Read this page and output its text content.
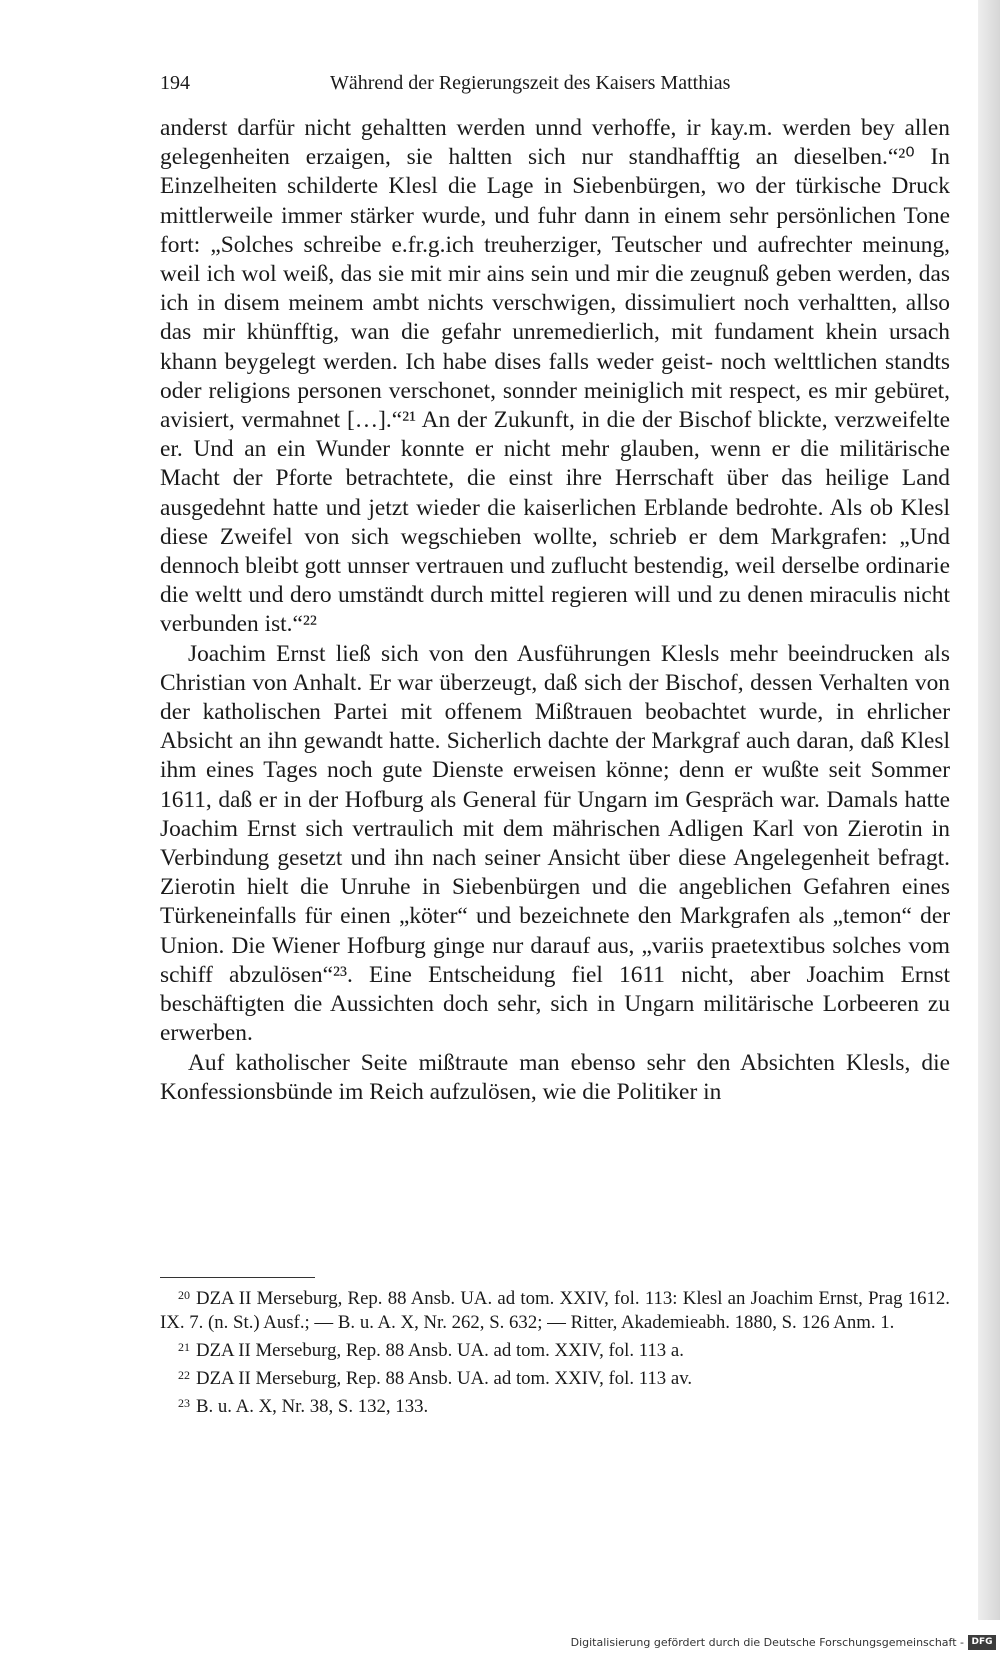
194	Während der Regierungszeit des Kaisers Matthias

anderst darfür nicht gehaltten werden unnd verhoffe, ir kay.m. werden bey allen gelegenheiten erzaigen, sie haltten sich nur standhafftig an dieselben.“²⁰ In Einzelheiten schilderte Klesl die Lage in Siebenbürgen, wo der türkische Druck mittlerweile immer stärker wurde, und fuhr dann in einem sehr persönlichen Tone fort: „Solches schreibe e.fr.g.ich treuherziger, Teutscher und aufrechter meinung, weil ich wol weiß, das sie mit mir ains sein und mir die zeugnuß geben werden, das ich in disem meinem ambt nichts verschwigen, dissimuliert noch verhaltten, allso das mir khünfftig, wan die gefahr unremedierlich, mit fundament khein ursach khann beygelegt werden. Ich habe dises falls weder geist- noch welttlichen standts oder religions personen verschonet, sonnder meiniglich mit respect, es mir gebüret, avisiert, vermahnet […].“²¹ An der Zukunft, in die der Bischof blickte, verzweifelte er. Und an ein Wunder konnte er nicht mehr glauben, wenn er die militärische Macht der Pforte betrachtete, die einst ihre Herrschaft über das heilige Land ausgedehnt hatte und jetzt wieder die kaiserlichen Erblande bedrohte. Als ob Klesl diese Zweifel von sich wegschieben wollte, schrieb er dem Markgrafen: „Und dennoch bleibt gott unnser vertrauen und zuflucht bestendig, weil derselbe ordinarie die weltt und dero umständt durch mittel regieren will und zu denen miraculis nicht verbunden ist.“²²

Joachim Ernst ließ sich von den Ausführungen Klesls mehr beeindrucken als Christian von Anhalt. Er war überzeugt, daß sich der Bischof, dessen Verhalten von der katholischen Partei mit offenem Mißtrauen beobachtet wurde, in ehrlicher Absicht an ihn gewandt hatte. Sicherlich dachte der Markgraf auch daran, daß Klesl ihm eines Tages noch gute Dienste erweisen könne; denn er wußte seit Sommer 1611, daß er in der Hofburg als General für Ungarn im Gespräch war. Damals hatte Joachim Ernst sich vertraulich mit dem mährischen Adligen Karl von Zierotin in Verbindung gesetzt und ihn nach seiner Ansicht über diese Angelegenheit befragt. Zierotin hielt die Unruhe in Siebenbürgen und die angeblichen Gefahren eines Türkeneinfalls für einen „köter“ und bezeichnete den Markgrafen als „temon“ der Union. Die Wiener Hofburg ginge nur darauf aus, „variis praetextibus solches vom schiff abzulösen“²³. Eine Entscheidung fiel 1611 nicht, aber Joachim Ernst beschäftigten die Aussichten doch sehr, sich in Ungarn militärische Lorbeeren zu erwerben.

Auf katholischer Seite mißtraute man ebenso sehr den Absichten Klesls, die Konfessionsbünde im Reich aufzulösen, wie die Politiker in

$^{20}$ DZA II Merseburg, Rep. 88 Ansb. UA. ad tom. XXIV, fol. 113: Klesl an Joachim Ernst, Prag 1612. IX. 7. (n. St.) Ausf.; — B. u. A. X, Nr. 262, S. 632; — Ritter, Akademieabh. 1880, S. 126 Anm. 1.

$^{21}$ DZA II Merseburg, Rep. 88 Ansb. UA. ad tom. XXIV, fol. 113 a.

$^{22}$ DZA II Merseburg, Rep. 88 Ansb. UA. ad tom. XXIV, fol. 113 av.

$^{23}$ B. u. A. X, Nr. 38, S. 132, 133.

Digitalisierung gefördert durch die Deutsche Forschungsgemeinschaft - DFG
